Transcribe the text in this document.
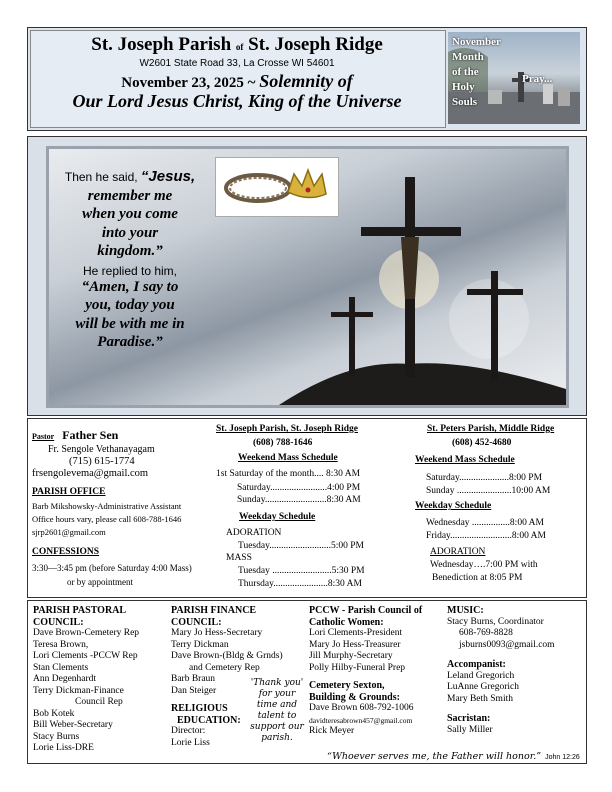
St. Joseph Parish of St. Joseph Ridge
W2601 State Road 33, La Crosse WI 54601
November 23, 2025 ~ Solemnity of
Our Lord Jesus Christ, King of the Universe
November
Month
of the
Holy
Souls
Pray...
Then he said, “Jesus,
remember me
when you come
into your
kingdom.”
He replied to him,
“Amen, I say to
you, today you
will be with me in
Paradise.”
Pastor Father Sen
Fr. Sengole Vethanayagam
(715) 615-1774
frsengolevema@gmail.com
PARISH OFFICE
Barb Mikshowsky-Administrative Assistant
Office hours vary, please call 608-788-1646
sjrp2601@gmail.com
CONFESSIONS
3:30—3:45 pm (before Saturday 4:00 Mass)
or by appointment
St. Joseph Parish, St. Joseph Ridge
(608) 788-1646
Weekend Mass Schedule
1st Saturday of the month.... 8:30 AM
Saturday........................4:00 PM
Sunday..........................8:30 AM
Weekday Schedule
ADORATION
Tuesday..........................5:00 PM
MASS
Tuesday .........................5:30 PM
Thursday.......................8:30 AM
St. Peters Parish, Middle Ridge
(608) 452-4680
Weekend Mass Schedule
Saturday.....................8:00 PM
Sunday .......................10:00 AM
Weekday Schedule
Wednesday ................8:00 AM
Friday..........................8:00 AM
ADORATION
Wednesday….7:00 PM with
Benediction at 8:05 PM
PARISH PASTORAL
COUNCIL:
Dave Brown-Cemetery Rep
Teresa Brown,
Lori Clements -PCCW Rep
Stan Clements
Ann Degenhardt
Terry Dickman-Finance
Council Rep
Bob Kotek
Bill Weber-Secretary
Stacy Burns
Lorie Liss-DRE
PARISH FINANCE
COUNCIL:
Mary Jo Hess-Secretary
Terry Dickman
Dave Brown-(Bldg & Grnds)
and Cemetery Rep
Barb Braun
Dan Steiger
RELIGIOUS
EDUCATION:
Director:
Lorie Liss
'Thank you'
for your
time and
talent to
support our
parish.
PCCW - Parish Council of
Catholic Women:
Lori Clements-President
Mary Jo Hess-Treasurer
Jill Murphy-Secretary
Polly Hilby-Funeral Prep
Cemetery Sexton,
Building & Grounds:
Dave Brown 608-792-1006
davidteresabrown457@gmail.com
Rick Meyer
MUSIC:
Stacy Burns, Coordinator
608-769-8828
jsburns0093@gmail.com
Accompanist:
Leland Gregorich
LuAnne Gregorich
Mary Beth Smith
Sacristan:
Sally Miller
“Whoever serves me, the Father will honor.” John 12:26
